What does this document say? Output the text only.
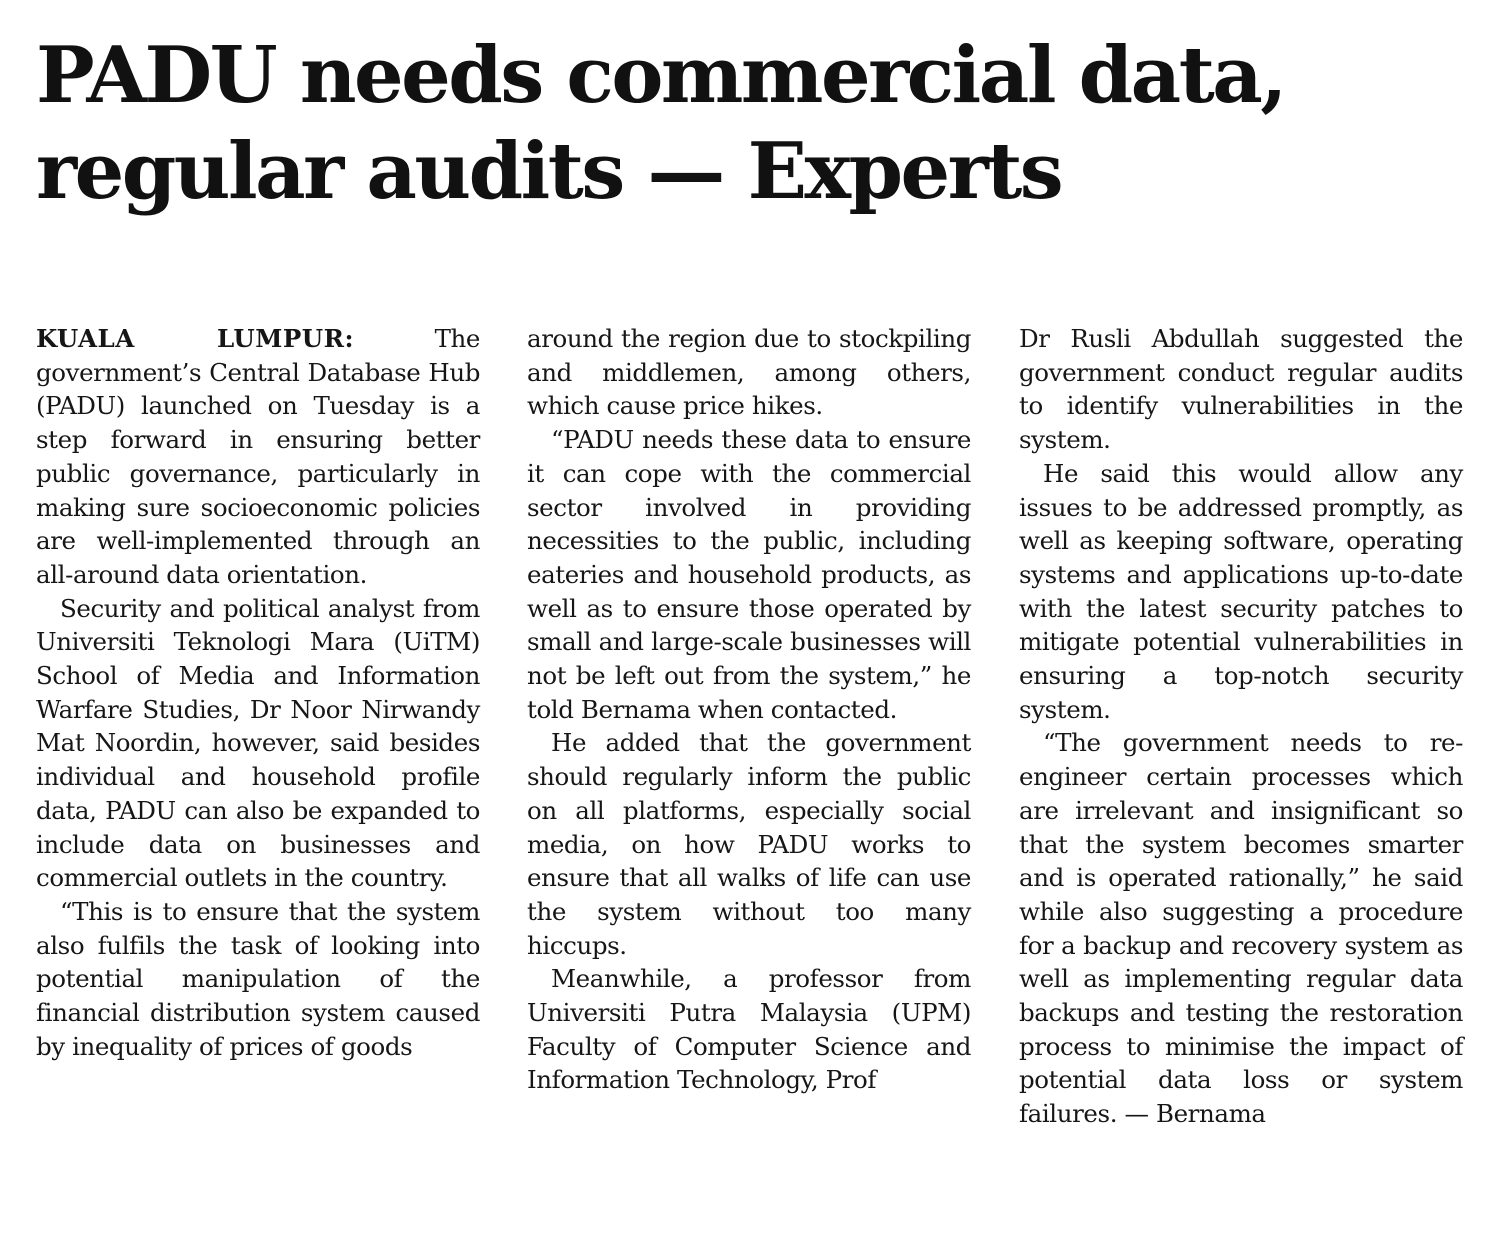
PADU needs commercial data,
regular audits — Experts

KUALA LUMPUR: The government’s Central Database Hub (PADU) launched on Tuesday is a step forward in ensuring better public governance, particularly in making sure socioeconomic policies are well-implemented through an all-around data orientation.

Security and political analyst from Universiti Teknologi Mara (UiTM) School of Media and Information Warfare Studies, Dr Noor Nirwandy Mat Noordin, however, said besides individual and household profile data, PADU can also be expanded to include data on businesses and commercial outlets in the country.

“This is to ensure that the system also fulfils the task of looking into potential manipulation of the financial distribution system caused by inequality of prices of goods

around the region due to stockpiling and middlemen, among others, which cause price hikes.

“PADU needs these data to ensure it can cope with the commercial sector involved in providing necessities to the public, including eateries and household products, as well as to ensure those operated by small and large-scale businesses will not be left out from the system,” he told Bernama when contacted.

He added that the government should regularly inform the public on all platforms, especially social media, on how PADU works to ensure that all walks of life can use the system without too many hiccups.

Meanwhile, a professor from Universiti Putra Malaysia (UPM) Faculty of Computer Science and Information Technology, Prof

Dr Rusli Abdullah suggested the government conduct regular audits to identify vulnerabilities in the system.

He said this would allow any issues to be addressed promptly, as well as keeping software, operating systems and applications up-to-date with the latest security patches to mitigate potential vulnerabilities in ensuring a top-notch security system.

“The government needs to re-engineer certain processes which are irrelevant and insignificant so that the system becomes smarter and is operated rationally,” he said while also suggesting a procedure for a backup and recovery system as well as implementing regular data backups and testing the restoration process to minimise the impact of potential data loss or system failures. — Bernama
